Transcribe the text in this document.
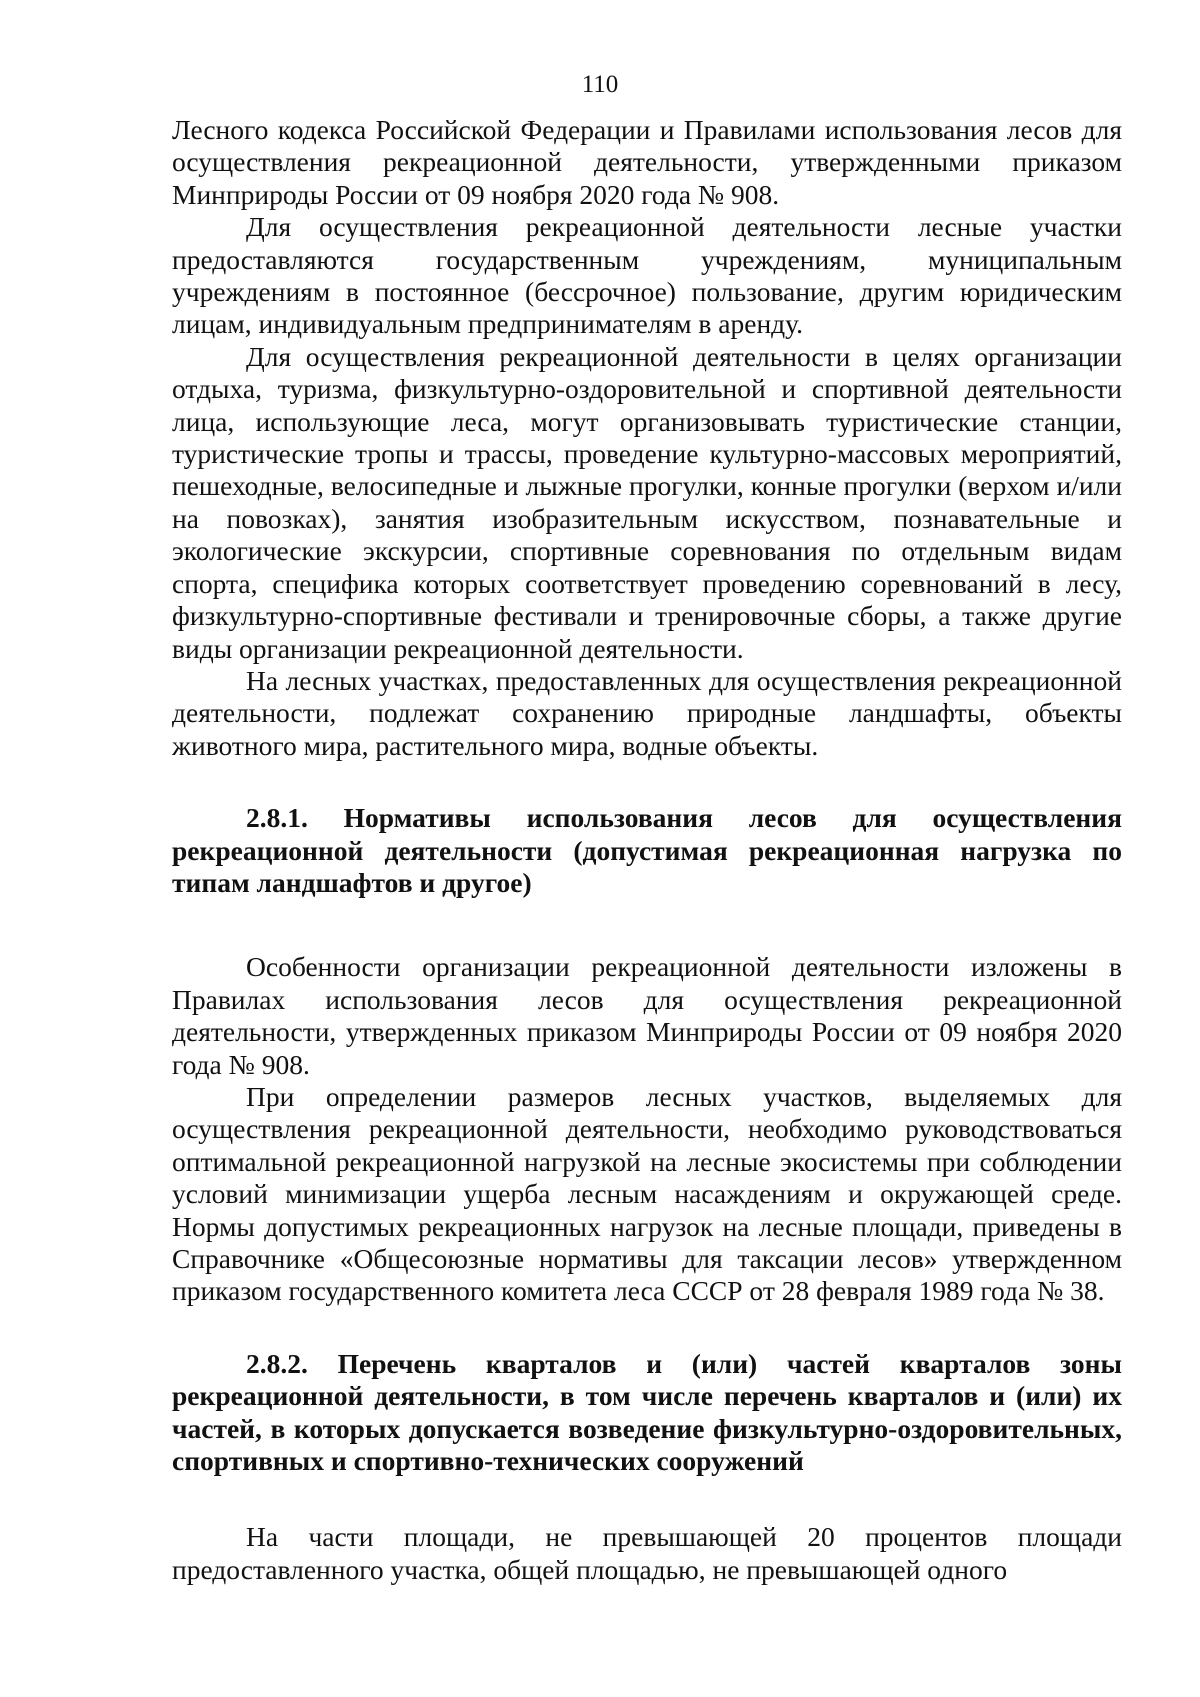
110

Лесного кодекса Российской Федерации и Правилами использования лесов для осуществления рекреационной деятельности, утвержденными приказом Минприроды России от 09 ноября 2020 года № 908.

Для осуществления рекреационной деятельности лесные участки предоставляются государственным учреждениям, муниципальным учреждениям в постоянное (бессрочное) пользование, другим юридическим лицам, индивидуальным предпринимателям в аренду.

Для осуществления рекреационной деятельности в целях организации отдыха, туризма, физкультурно-оздоровительной и спортивной деятельности лица, использующие леса, могут организовывать туристические станции, туристические тропы и трассы, проведение культурно-массовых мероприятий, пешеходные, велосипедные и лыжные прогулки, конные прогулки (верхом и/или на повозках), занятия изобразительным искусством, познавательные и экологические экскурсии, спортивные соревнования по отдельным видам спорта, специфика которых соответствует проведению соревнований в лесу, физкультурно-спортивные фестивали и тренировочные сборы, а также другие виды организации рекреационной деятельности.

На лесных участках, предоставленных для осуществления рекреационной деятельности, подлежат сохранению природные ландшафты, объекты животного мира, растительного мира, водные объекты.

2.8.1. Нормативы использования лесов для осуществления рекреационной деятельности (допустимая рекреационная нагрузка по типам ландшафтов и другое)

Особенности организации рекреационной деятельности изложены в Правилах использования лесов для осуществления рекреационной деятельности, утвержденных приказом Минприроды России от 09 ноября 2020 года № 908.

При определении размеров лесных участков, выделяемых для осуществления рекреационной деятельности, необходимо руководствоваться оптимальной рекреационной нагрузкой на лесные экосистемы при соблюдении условий минимизации ущерба лесным насаждениям и окружающей среде. Нормы допустимых рекреационных нагрузок на лесные площади, приведены в Справочнике «Общесоюзные нормативы для таксации лесов» утвержденном приказом государственного комитета леса СССР от 28 февраля 1989 года № 38.

2.8.2. Перечень кварталов и (или) частей кварталов зоны рекреационной деятельности, в том числе перечень кварталов и (или) их частей, в которых допускается возведение физкультурно-оздоровительных, спортивных и спортивно-технических сооружений

На части площади, не превышающей 20 процентов площади предоставленного участка, общей площадью, не превышающей одного
